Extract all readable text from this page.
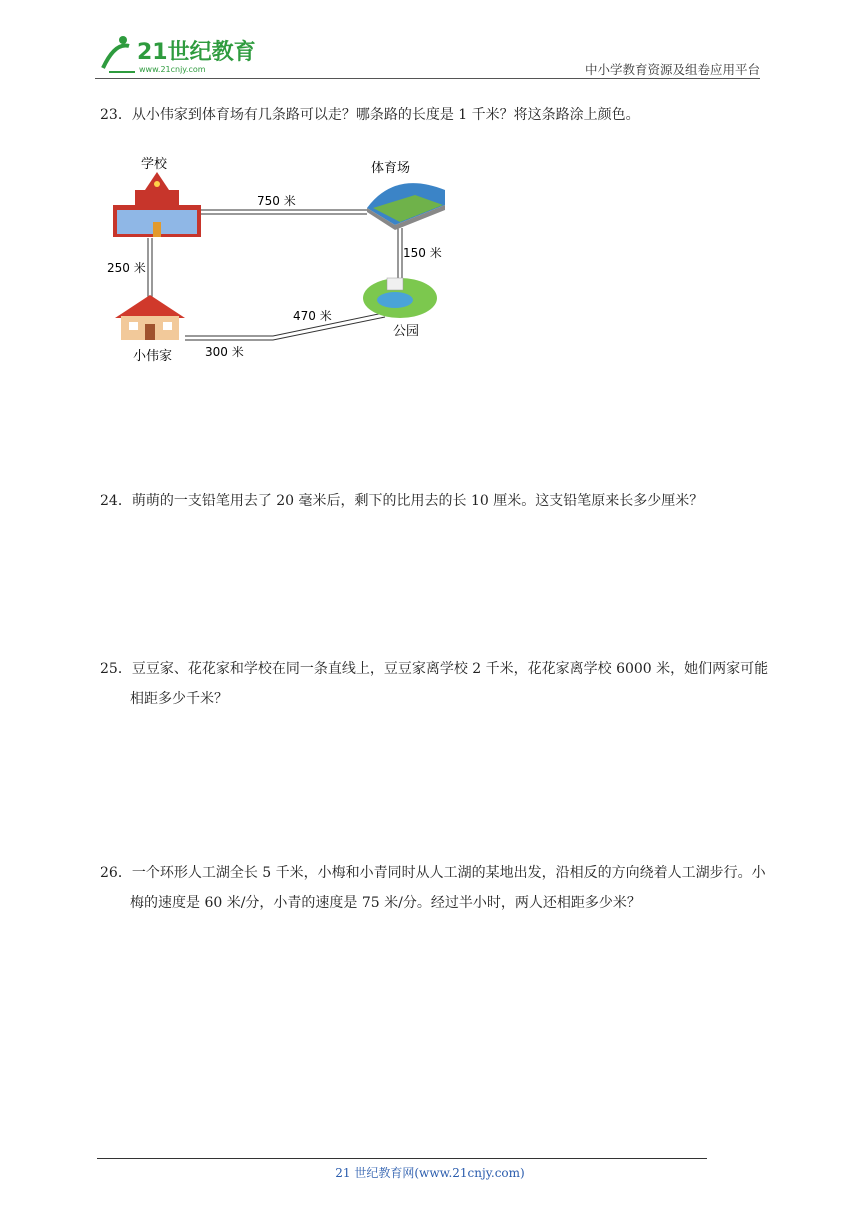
21世纪教育
www.21cnjy.com	中小学教育资源及组卷应用平台
23．从小伟家到体育场有几条路可以走？哪条路的长度是 1 千米？将这条路涂上颜色。
学校	体育场
公园
小伟家
750 米
150 米
250 米
470 米
300 米
24．萌萌的一支铅笔用去了 20 毫米后，剩下的比用去的长 10 厘米。这支铅笔原来长多少厘米？
25．豆豆家、花花家和学校在同一条直线上，豆豆家离学校 2 千米，花花家离学校 6000 米，她们两家可能相距多少千米？
26．一个环形人工湖全长 5 千米，小梅和小青同时从人工湖的某地出发，沿相反的方向绕着人工湖步行。小梅的速度是 60 米/分，小青的速度是 75 米/分。经过半小时，两人还相距多少米？
21 世纪教育网(www.21cnjy.com)
